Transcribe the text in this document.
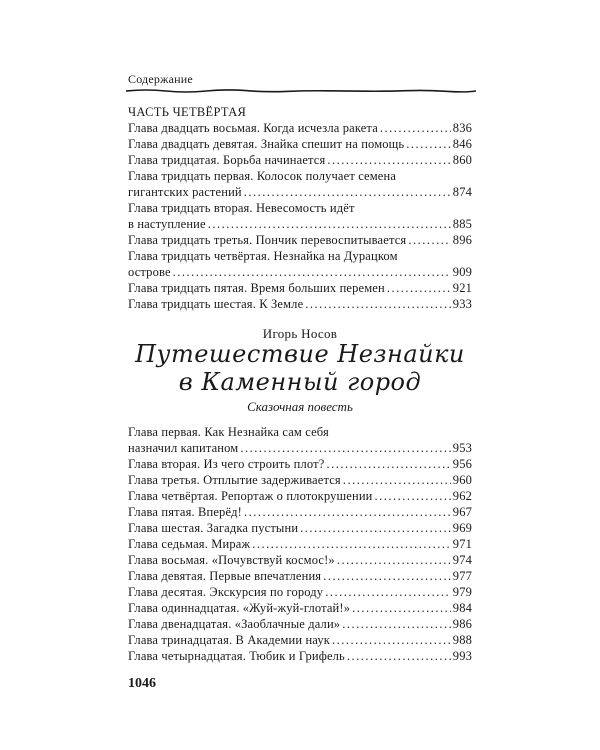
Содержание
ЧАСТЬ ЧЕТВЁРТАЯ
Глава двадцать восьмая. Когда исчезла ракета .....	836
Глава двадцать девятая. Знайка спешит на помощь .....	846
Глава тридцатая. Борьба начинается .....	860
Глава тридцать первая. Колосок получает семена
гигантских растений .....	874
Глава тридцать вторая. Невесомость идёт
в наступление .....	885
Глава тридцать третья. Пончик перевоспитывается .....	896
Глава тридцать четвёртая. Незнайка на Дурацком
острове .....	909
Глава тридцать пятая. Время больших перемен .....	921
Глава тридцать шестая. К Земле .....	933
Игорь Носов
Путешествие Незнайки
в Каменный город
Сказочная повесть
Глава первая. Как Незнайка сам себя
назначил капитаном .....	953
Глава вторая. Из чего строить плот? .....	956
Глава третья. Отплытие задерживается .....	960
Глава четвёртая. Репортаж о плотокрушении .....	962
Глава пятая. Вперёд! .....	967
Глава шестая. Загадка пустыни .....	969
Глава седьмая. Мираж .....	971
Глава восьмая. «Почувствуй космос!» .....	974
Глава девятая. Первые впечатления .....	977
Глава десятая. Экскурсия по городу .....	979
Глава одиннадцатая. «Жуй-жуй-глотай!» .....	984
Глава двенадцатая. «Заоблачные дали» .....	986
Глава тринадцатая. В Академии наук .....	988
Глава четырнадцатая. Тюбик и Грифель .....	993
1046
